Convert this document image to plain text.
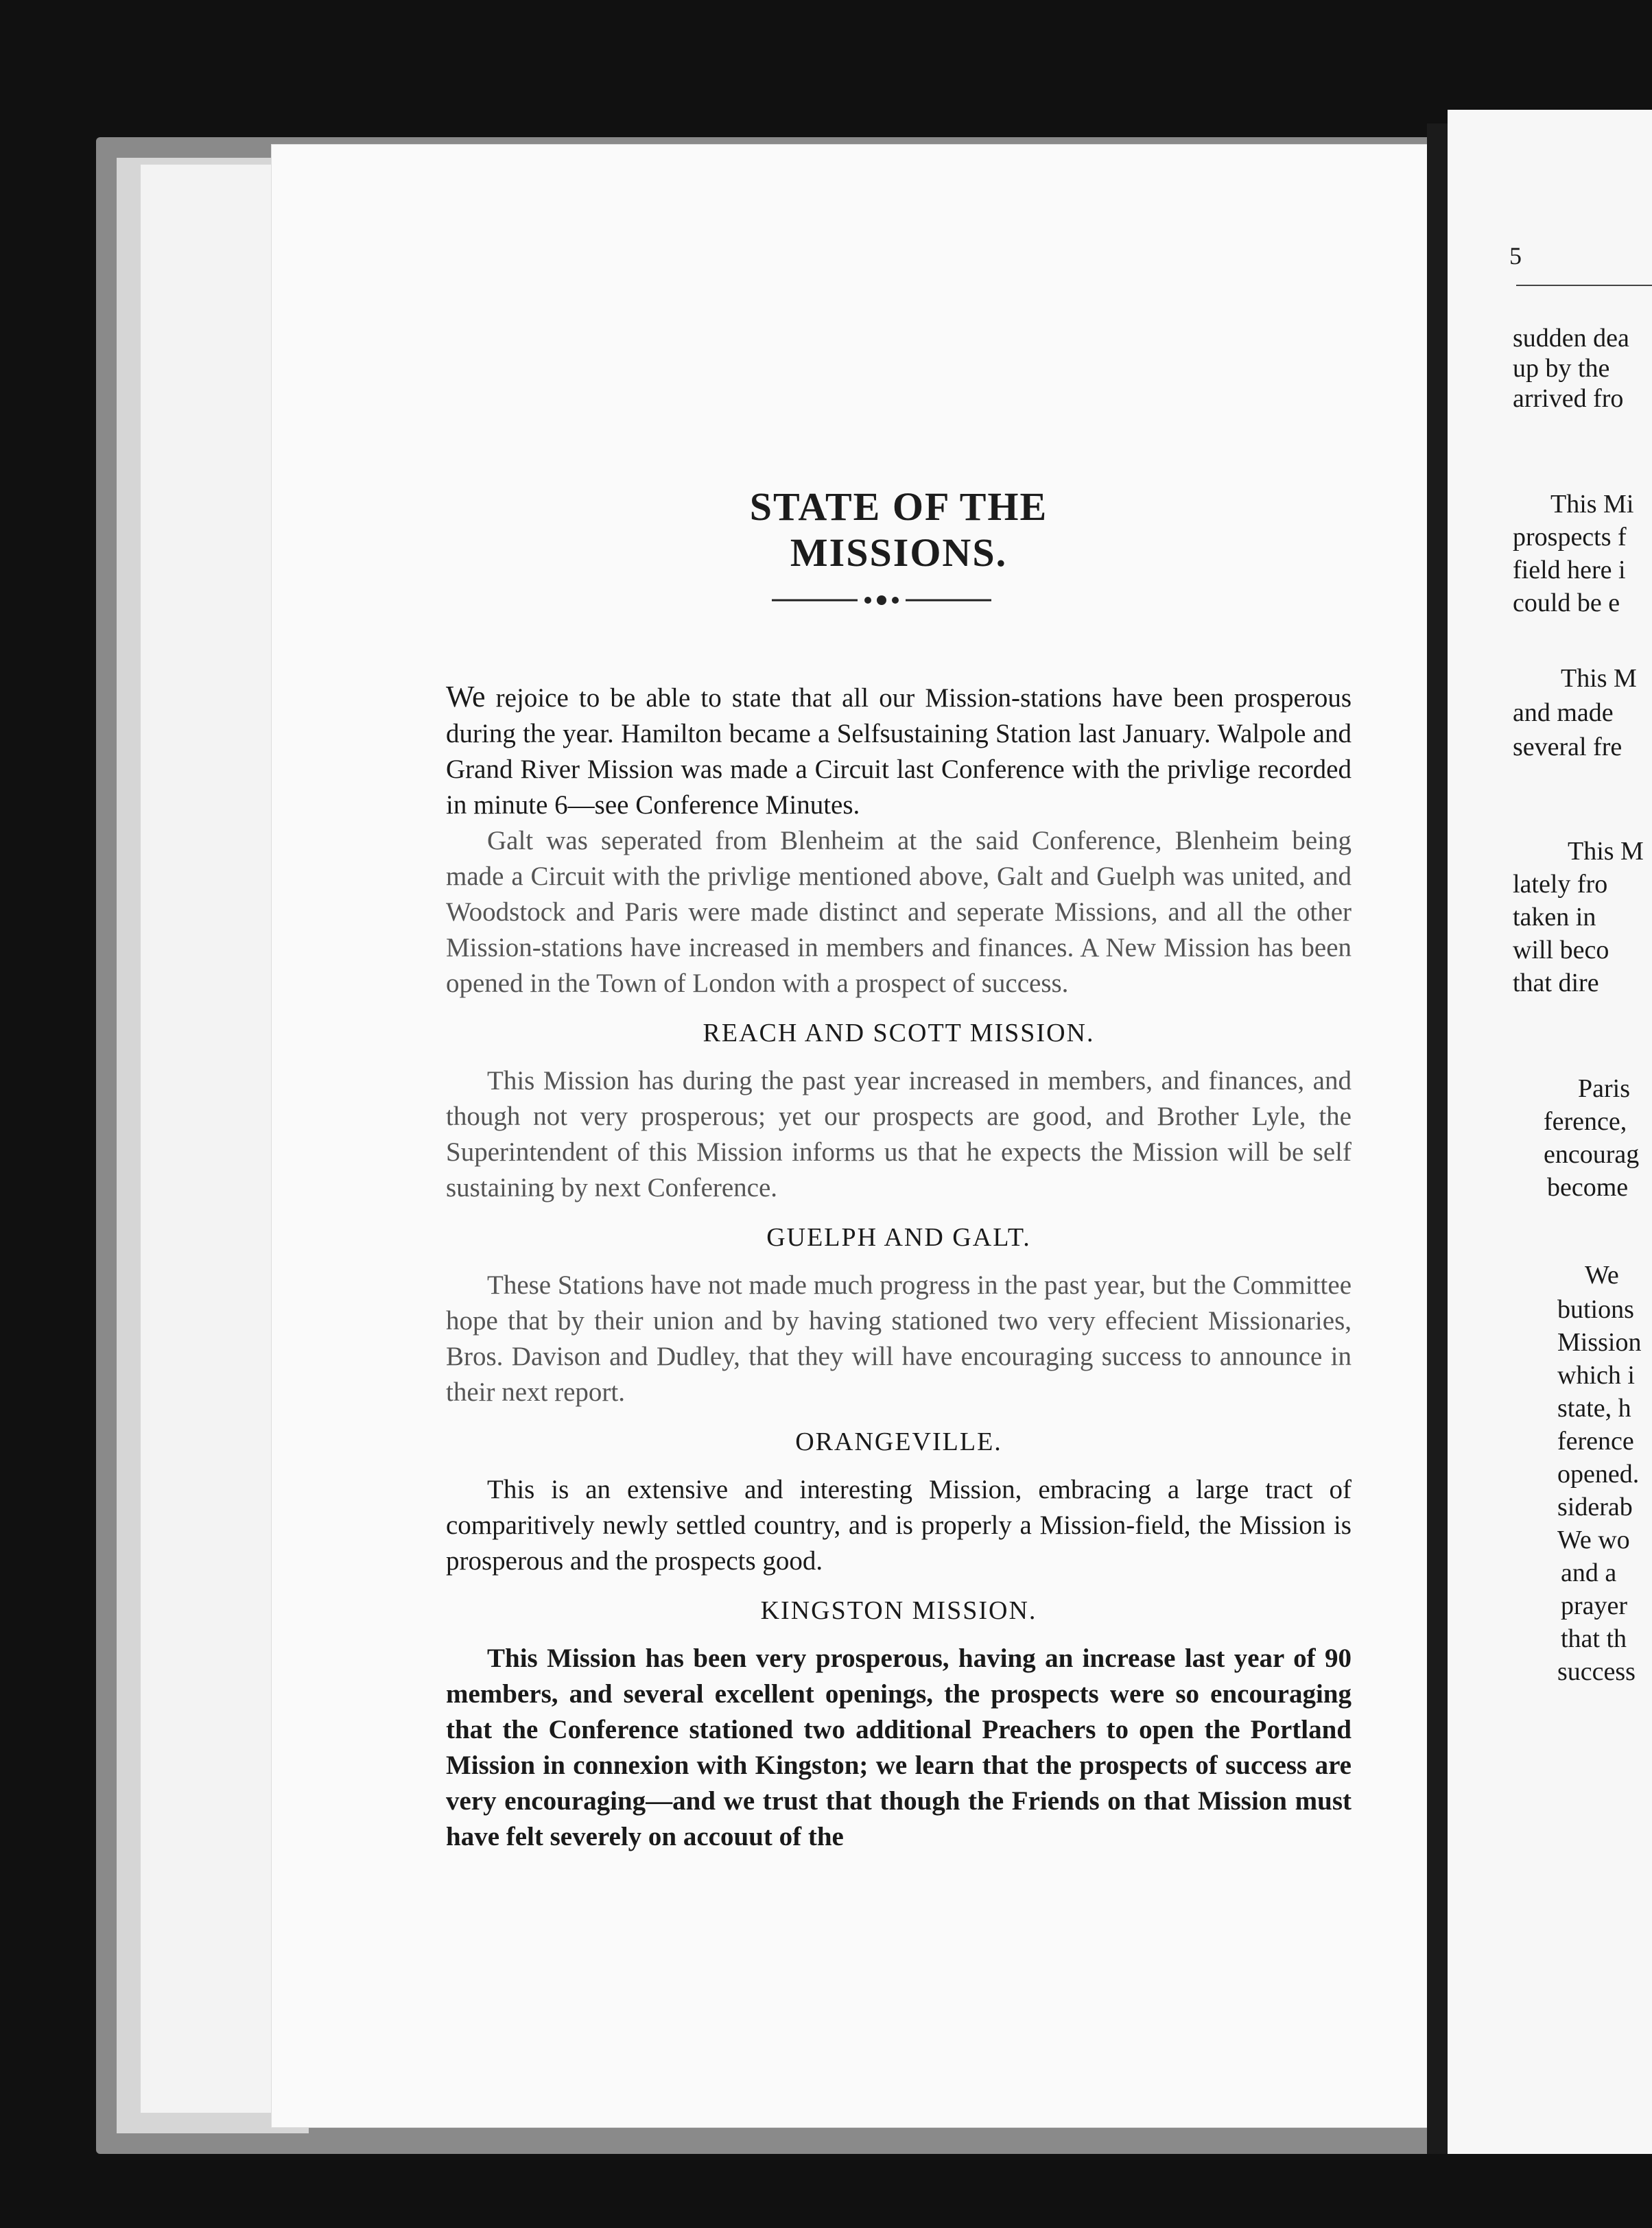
STATE OF THE MISSIONS.

We rejoice to be able to state that all our Mission-stations have been prosperous during the year. Hamilton became a Selfsustaining Station last January. Walpole and Grand River Mission was made a Circuit last Conference with the privlige recorded in minute 6—see Conference Minutes.

Galt was seperated from Blenheim at the said Conference, Blenheim being made a Circuit with the privlige mentioned above, Galt and Guelph was united, and Woodstock and Paris were made distinct and seperate Missions, and all the other Mission-stations have increased in members and finances. A New Mission has been opened in the Town of London with a prospect of success.

REACH AND SCOTT MISSION.

This Mission has during the past year increased in members, and finances, and though not very prosperous; yet our prospects are good, and Brother Lyle, the Superintendent of this Mission informs us that he expects the Mission will be self sustaining by next Conference.

GUELPH AND GALT.

These Stations have not made much progress in the past year, but the Committee hope that by their union and by having stationed two very effecient Missionaries, Bros. Davison and Dudley, that they will have encouraging success to announce in their next report.

ORANGEVILLE.

This is an extensive and interesting Mission, embracing a large tract of comparitively newly settled country, and is properly a Mission-field, the Mission is prosperous and the prospects good.

KINGSTON MISSION.

This Mission has been very prosperous, having an increase last year of 90 members, and several excellent openings, the prospects were so encouraging that the Conference stationed two additional Preachers to open the Portland Mission in connexion with Kingston; we learn that the prospects of success are very encouraging—and we trust that though the Friends on that Mission must have felt severely on accouut of the

5
sudden dea
up by the
arrived fro
This Mi
prospects f
field here i
could be e
This M
and made
several fre
This M
lately fro
taken in
will beco
that dire
Paris
ference,
encourag
become
We
butions
Mission
which i
state, h
ference
opened.
siderab
We wo
and a
prayer
that th
success
